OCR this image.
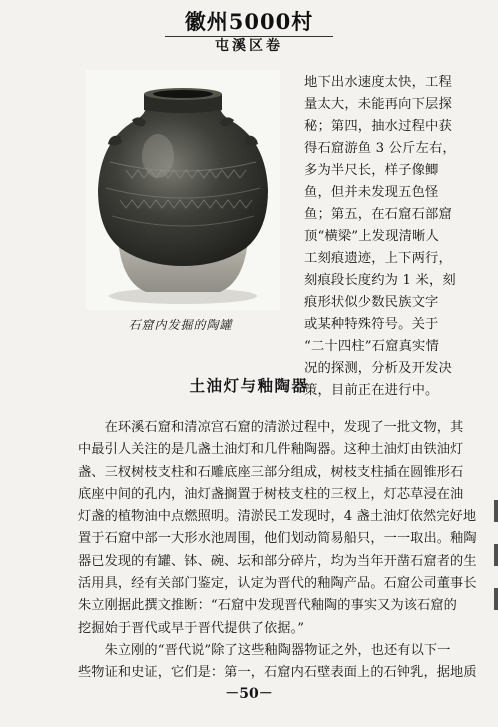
徽州5000村
屯溪区卷
石窟内发掘的陶罐
地下出水速度太快，工程
量太大，未能再向下层探
秘；第四，抽水过程中获
得石窟游鱼 3 公斤左右，
多为半尺长，样子像鲫
鱼，但并未发现五色怪
鱼；第五，在石窟石部窟
顶“横梁”上发现清晰人
工刻痕遗迹，上下两行，
刻痕段长度约为 1 米，刻
痕形状似少数民族文字
或某种特殊符号。关于
“二十四柱”石窟真实情
况的探测，分析及开发决
策，目前正在进行中。
土油灯与釉陶器
　　在环溪石窟和清凉宫石窟的清淤过程中，发现了一批文物，其
中最引人关注的是几盏土油灯和几件釉陶器。这种土油灯由铁油灯
盏、三杈树枝支柱和石雕底座三部分组成，树枝支柱插在圆锥形石
底座中间的孔内，油灯盏搁置于树枝支柱的三杈上，灯芯草浸在油
灯盏的植物油中点燃照明。清淤民工发现时，4 盏土油灯依然完好地
置于石窟中部一大形水池周围，他们划动简易船只，一一取出。釉陶
器已发现的有罐、钵、碗、坛和部分碎片，均为当年开凿石窟者的生
活用具，经有关部门鉴定，认定为晋代的釉陶产品。石窟公司董事长
朱立刚据此撰文推断：“石窟中发现晋代釉陶的事实又为该石窟的
挖掘始于晋代或早于晋代提供了依据。”
　　朱立刚的“晋代说”除了这些釉陶器物证之外，也还有以下一
些物证和史证，它们是：第一，石窟内石壁表面上的石钟乳，据地质
－50－
